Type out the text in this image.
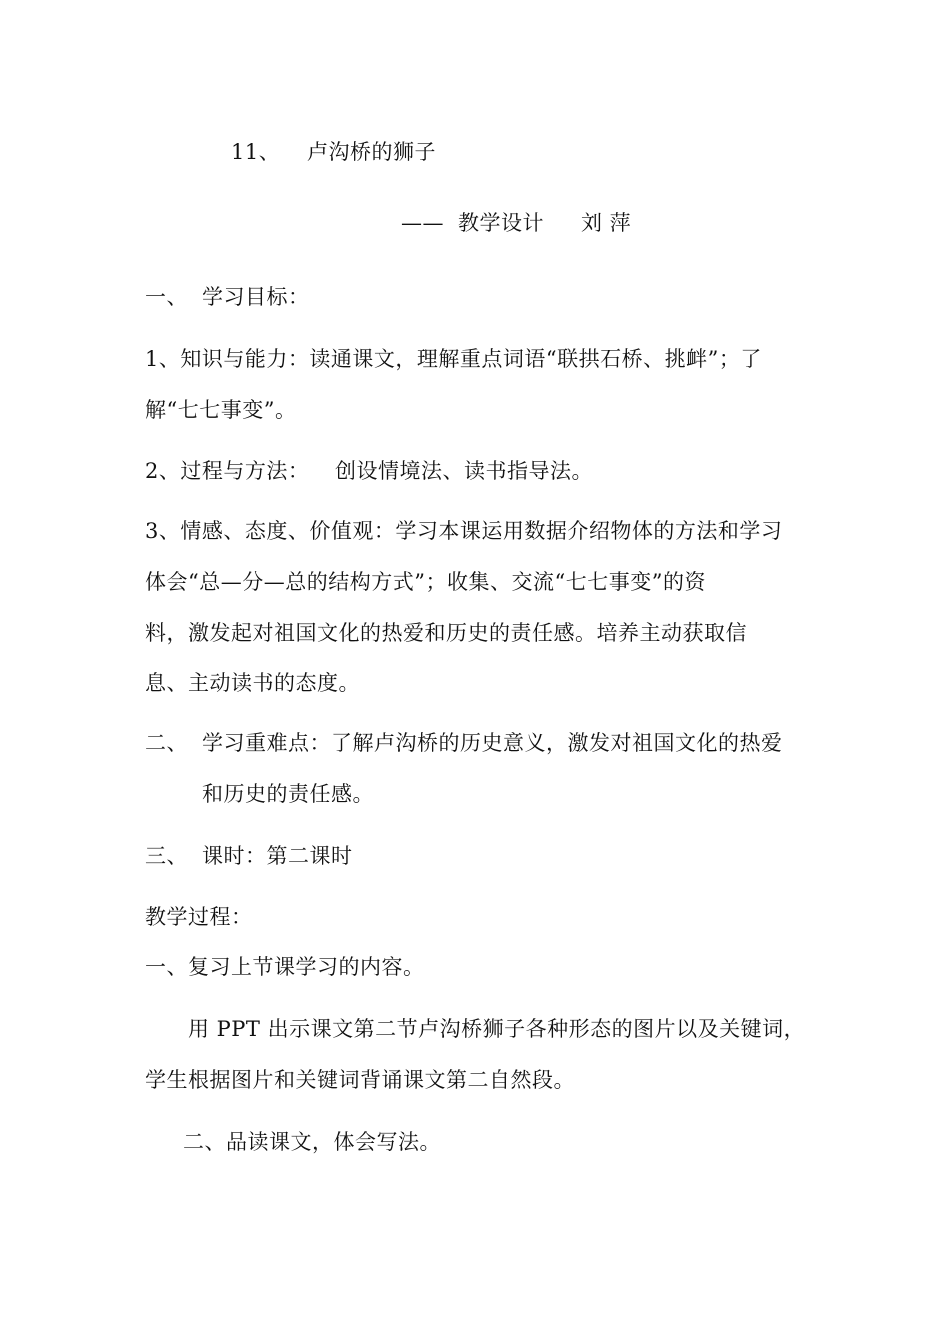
11、 卢沟桥的狮子
—— 教学设计 刘 萍
一、 学习目标：
1、知识与能力：读通课文，理解重点词语“联拱石桥、挑衅”；了
解“七七事变”。
2、过程与方法： 创设情境法、读书指导法。
3、情感、态度、价值观：学习本课运用数据介绍物体的方法和学习
体会“总—分—总的结构方式”；收集、交流“七七事变”的资
料，激发起对祖国文化的热爱和历史的责任感。培养主动获取信
息、主动读书的态度。
二、 学习重难点：了解卢沟桥的历史意义，激发对祖国文化的热爱
和历史的责任感。
三、 课时：第二课时
教学过程：
一、复习上节课学习的内容。
用 PPT 出示课文第二节卢沟桥狮子各种形态的图片以及关键词，
学生根据图片和关键词背诵课文第二自然段。
二、品读课文，体会写法。
